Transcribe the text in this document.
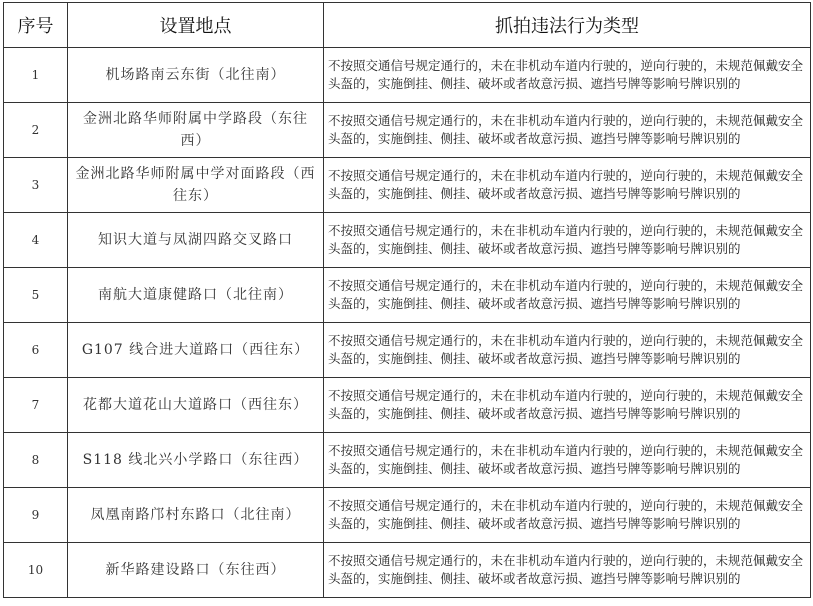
序号	设置地点	抓拍违法行为类型
1	机场路南云东街（北往南）	不按照交通信号规定通行的，未在非机动车道内行驶的，逆向行驶的，未规范佩戴安全头盔的，实施倒挂、侧挂、破坏或者故意污损、遮挡号牌等影响号牌识别的
2	金洲北路华师附属中学路段（东往西）	不按照交通信号规定通行的，未在非机动车道内行驶的，逆向行驶的，未规范佩戴安全头盔的，实施倒挂、侧挂、破坏或者故意污损、遮挡号牌等影响号牌识别的
3	金洲北路华师附属中学对面路段（西往东）	不按照交通信号规定通行的，未在非机动车道内行驶的，逆向行驶的，未规范佩戴安全头盔的，实施倒挂、侧挂、破坏或者故意污损、遮挡号牌等影响号牌识别的
4	知识大道与凤湖四路交叉路口	不按照交通信号规定通行的，未在非机动车道内行驶的，逆向行驶的，未规范佩戴安全头盔的，实施倒挂、侧挂、破坏或者故意污损、遮挡号牌等影响号牌识别的
5	南航大道康健路口（北往南）	不按照交通信号规定通行的，未在非机动车道内行驶的，逆向行驶的，未规范佩戴安全头盔的，实施倒挂、侧挂、破坏或者故意污损、遮挡号牌等影响号牌识别的
6	G107 线合进大道路口（西往东）	不按照交通信号规定通行的，未在非机动车道内行驶的，逆向行驶的，未规范佩戴安全头盔的，实施倒挂、侧挂、破坏或者故意污损、遮挡号牌等影响号牌识别的
7	花都大道花山大道路口（西往东）	不按照交通信号规定通行的，未在非机动车道内行驶的，逆向行驶的，未规范佩戴安全头盔的，实施倒挂、侧挂、破坏或者故意污损、遮挡号牌等影响号牌识别的
8	S118 线北兴小学路口（东往西）	不按照交通信号规定通行的，未在非机动车道内行驶的，逆向行驶的，未规范佩戴安全头盔的，实施倒挂、侧挂、破坏或者故意污损、遮挡号牌等影响号牌识别的
9	凤凰南路邝村东路口（北往南）	不按照交通信号规定通行的，未在非机动车道内行驶的，逆向行驶的，未规范佩戴安全头盔的，实施倒挂、侧挂、破坏或者故意污损、遮挡号牌等影响号牌识别的
10	新华路建设路口（东往西）	不按照交通信号规定通行的，未在非机动车道内行驶的，逆向行驶的，未规范佩戴安全头盔的，实施倒挂、侧挂、破坏或者故意污损、遮挡号牌等影响号牌识别的
